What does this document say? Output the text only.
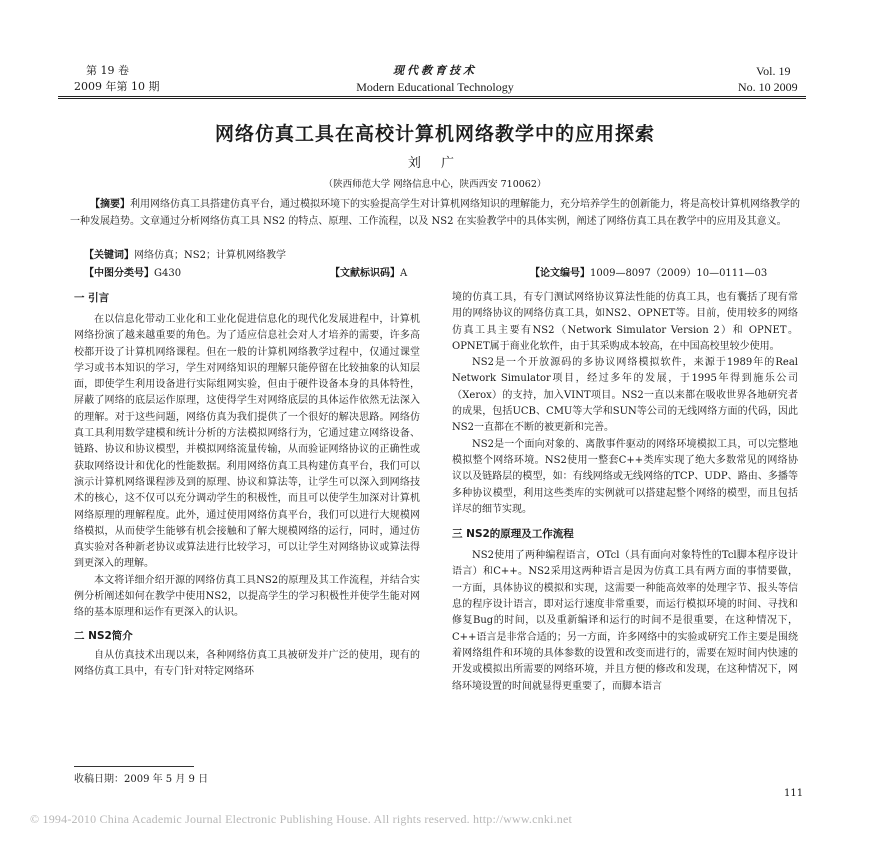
第 19 卷
2009 年第 10 期
现代教育技术
Modern Educational Technology
Vol. 19
No. 10 2009
网络仿真工具在高校计算机网络教学中的应用探索
刘 广
（陕西师范大学 网络信息中心，陕西西安 710062）
【摘要】利用网络仿真工具搭建仿真平台，通过模拟环境下的实验提高学生对计算机网络知识的理解能力，充分培养学生的创新能力，将是高校计算机网络教学的一种发展趋势。文章通过分析网络仿真工具 NS2 的特点、原理、工作流程，以及 NS2 在实验教学中的具体实例，阐述了网络仿真工具在教学中的应用及其意义。
【关键词】网络仿真；NS2；计算机网络教学
【中图分类号】G430	【文献标识码】A	【论文编号】1009—8097（2009）10—0111—03
一 引言

在以信息化带动工业化和工业化促进信息化的现代化发展进程中，计算机网络扮演了越来越重要的角色。为了适应信息社会对人才培养的需要，许多高校都开设了计算机网络课程。但在一般的计算机网络教学过程中，仅通过课堂学习或书本知识的学习，学生对网络知识的理解只能停留在比较抽象的认知层面，即使学生利用设备进行实际组网实验，但由于硬件设备本身的具体特性，屏蔽了网络的底层运作原理，这使得学生对网络底层的具体运作依然无法深入的理解。对于这些问题，网络仿真为我们提供了一个很好的解决思路。网络仿真工具利用数学建模和统计分析的方法模拟网络行为，它通过建立网络设备、链路、协议和协议模型，并模拟网络流量传输，从而验证网络协议的正确性或获取网络设计和优化的性能数据。利用网络仿真工具构建仿真平台，我们可以演示计算机网络课程涉及到的原理、协议和算法等，让学生可以深入到网络技术的核心，这不仅可以充分调动学生的积极性，而且可以使学生加深对计算机网络原理的理解程度。此外，通过使用网络仿真平台，我们可以进行大规模网络模拟，从而使学生能够有机会接触和了解大规模网络的运行，同时，通过仿真实验对各种新老协议或算法进行比较学习，可以让学生对网络协议或算法得到更深入的理解。

本文将详细介绍开源的网络仿真工具NS2的原理及其工作流程，并结合实例分析阐述如何在教学中使用NS2，以提高学生的学习积极性并使学生能对网络的基本原理和运作有更深入的认识。

二 NS2简介

自从仿真技术出现以来，各种网络仿真工具被研发并广泛的使用，现有的网络仿真工具中，有专门针对特定网络环

境的仿真工具，有专门测试网络协议算法性能的仿真工具，也有囊括了现有常用的网络协议的网络仿真工具，如NS2、OPNET等。目前，使用较多的网络仿真工具主要有NS2（Network Simulator Version 2）和 OPNET。OPNET属于商业化软件，由于其采购成本较高，在中国高校里较少使用。

NS2是一个开放源码的多协议网络模拟软件，来源于1989年的Real Network Simulator项目，经过多年的发展，于1995年得到施乐公司（Xerox）的支持，加入VINT项目。NS2一直以来都在吸收世界各地研究者的成果，包括UCB、CMU等大学和SUN等公司的无线网络方面的代码，因此NS2一直都在不断的被更新和完善。

NS2是一个面向对象的、离散事件驱动的网络环境模拟工具，可以完整地模拟整个网络环境。NS2使用一整套C++类库实现了绝大多数常见的网络协议以及链路层的模型，如：有线网络或无线网络的TCP、UDP、路由、多播等多种协议模型，利用这些类库的实例就可以搭建起整个网络的模型，而且包括详尽的细节实现。

三 NS2的原理及工作流程

NS2使用了两种编程语言，OTcl（具有面向对象特性的Tcl脚本程序设计语言）和C++。NS2采用这两种语言是因为仿真工具有两方面的事情要做，一方面，具体协议的模拟和实现，这需要一种能高效率的处理字节、报头等信息的程序设计语言，即对运行速度非常重要，而运行模拟环境的时间、寻找和修复Bug的时间，以及重新编译和运行的时间不是很重要，在这种情况下，C++语言是非常合适的；另一方面，许多网络中的实验或研究工作主要是围绕着网络组件和环境的具体参数的设置和改变而进行的，需要在短时间内快速的开发或模拟出所需要的网络环境，并且方便的修改和发现，在这种情况下，网络环境设置的时间就显得更重要了，而脚本语言

收稿日期：2009 年 5 月 9 日
111
© 1994-2010 China Academic Journal Electronic Publishing House. All rights reserved. http://www.cnki.net
